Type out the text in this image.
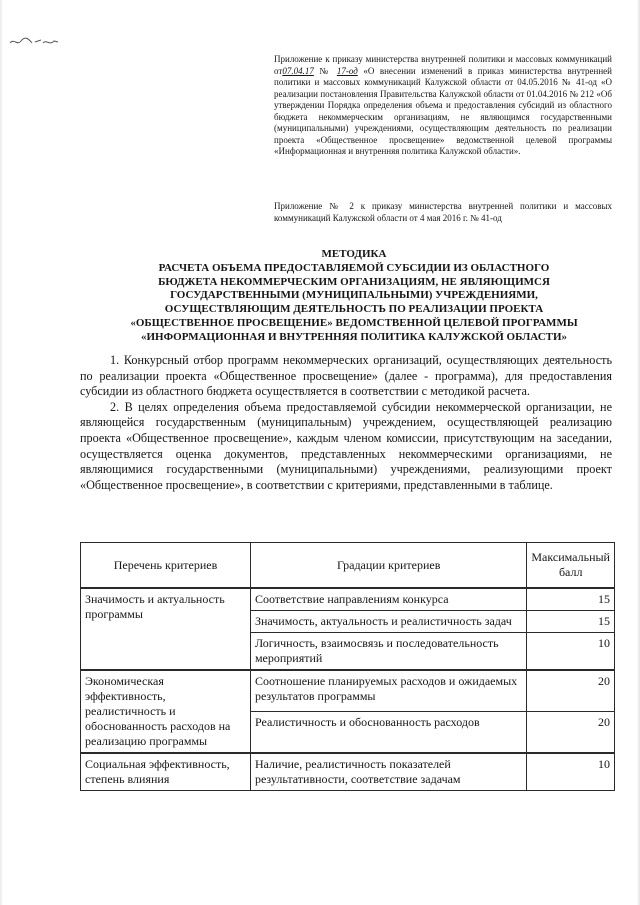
Приложение к приказу министерства внутренней политики и массовых коммуникаций от07.04.17 № 17-од «О внесении изменений в приказ министерства внутренней политики и массовых коммуникаций Калужской области от 04.05.2016 № 41-од «О реализации постановления Правительства Калужской области от 01.04.2016 № 212 «Об утверждении Порядка определения объема и предоставления субсидий из областного бюджета некоммерческим организациям, не являющимся государственными (муниципальными) учреждениями, осуществляющим деятельность по реализации проекта «Общественное просвещение» ведомственной целевой программы «Информационная и внутренняя политика Калужской области».

Приложение № 2 к приказу министерства внутренней политики и массовых коммуникаций Калужской области от 4 мая 2016 г. № 41-од

МЕТОДИКА
РАСЧЕТА ОБЪЕМА ПРЕДОСТАВЛЯЕМОЙ СУБСИДИИ ИЗ ОБЛАСТНОГО
БЮДЖЕТА НЕКОММЕРЧЕСКИМ ОРГАНИЗАЦИЯМ, НЕ ЯВЛЯЮЩИМСЯ
ГОСУДАРСТВЕННЫМИ (МУНИЦИПАЛЬНЫМИ) УЧРЕЖДЕНИЯМИ,
ОСУЩЕСТВЛЯЮЩИМ ДЕЯТЕЛЬНОСТЬ ПО РЕАЛИЗАЦИИ ПРОЕКТА
«ОБЩЕСТВЕННОЕ ПРОСВЕЩЕНИЕ» ВЕДОМСТВЕННОЙ ЦЕЛЕВОЙ ПРОГРАММЫ
«ИНФОРМАЦИОННАЯ И ВНУТРЕННЯЯ ПОЛИТИКА КАЛУЖСКОЙ ОБЛАСТИ»

1. Конкурсный отбор программ некоммерческих организаций, осуществляющих деятельность по реализации проекта «Общественное просвещение» (далее - программа), для предоставления субсидии из областного бюджета осуществляется в соответствии с методикой расчета.

2. В целях определения объема предоставляемой субсидии некоммерческой организации, не являющейся государственным (муниципальным) учреждением, осуществляющей реализацию проекта «Общественное просвещение», каждым членом комиссии, присутствующим на заседании, осуществляется оценка документов, представленных некоммерческими организациями, не являющимися государственными (муниципальными) учреждениями, реализующими проект «Общественное просвещение», в соответствии с критериями, представленными в таблице.

Перечень критериев	Градации критериев	Максимальный балл
Значимость и актуальность программы	Соответствие направлениям конкурса	15
	Значимость, актуальность и реалистичность задач	15
	Логичность, взаимосвязь и последовательность мероприятий	10
Экономическая эффективность, реалистичность и обоснованность расходов на реализацию программы	Соотношение планируемых расходов и ожидаемых результатов программы	20
	Реалистичность и обоснованность расходов	20
Социальная эффективность, степень влияния	Наличие, реалистичность показателей результативности, соответствие задачам	10
